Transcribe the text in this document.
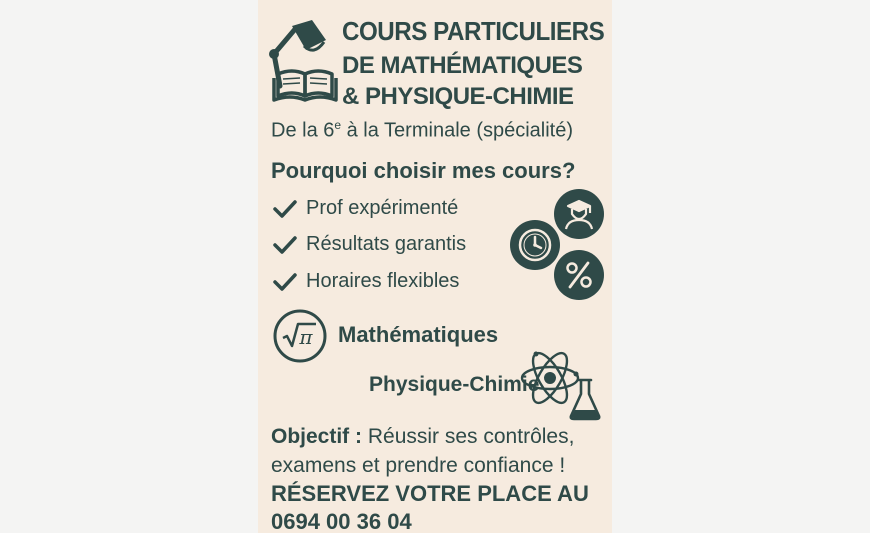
COURS PARTICULIERS
DE MATHÉMATIQUES
& PHYSIQUE-CHIMIE
De la 6e à la Terminale (spécialité)
Pourquoi choisir mes cours?
Prof expérimenté
Résultats garantis
Horaires flexibles
π Mathématiques
Physique-Chimie
Objectif : Réussir ses contrôles, examens et prendre confiance !
RÉSERVEZ VOTRE PLACE AU
0694 00 36 04
